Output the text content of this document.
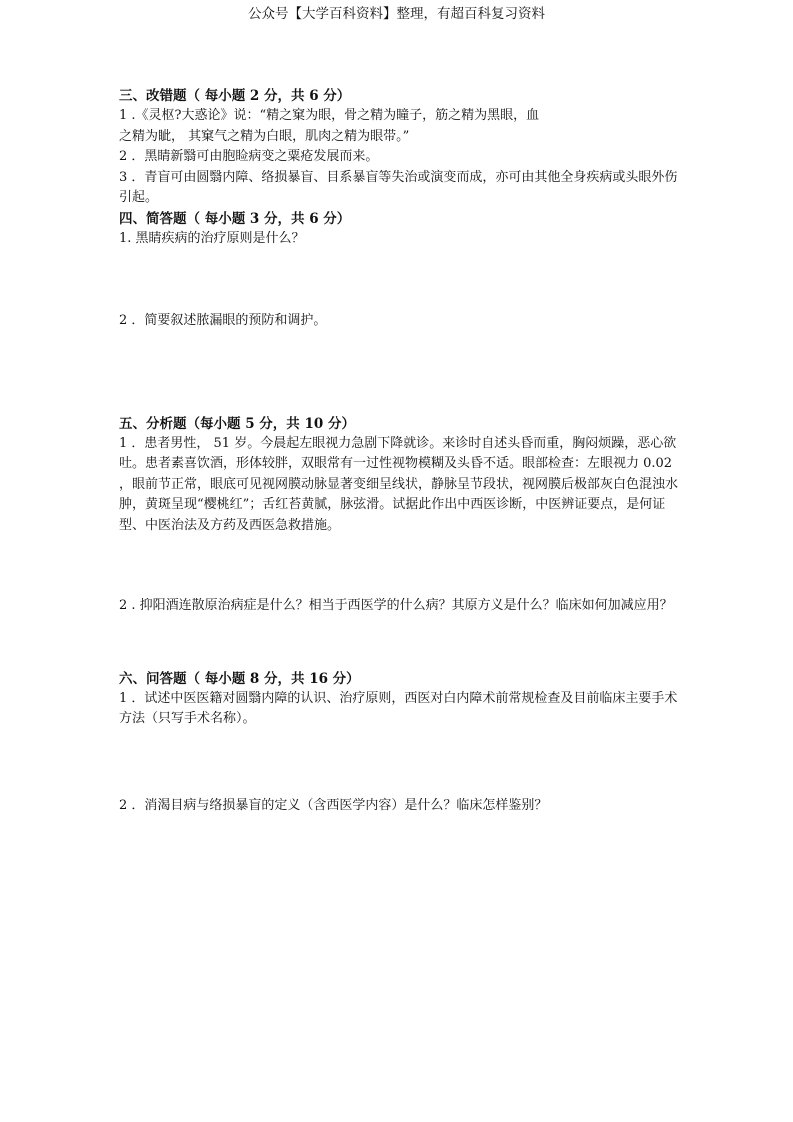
公众号【大学百科资料】整理，有超百科复习资料
三、改错题（ 每小题 2 分，共 6 分）
1 .《灵枢?大惑论》说：“精之窠为眼，骨之精为瞳子，筋之精为黑眼，血
之精为眦， 其窠气之精为白眼，肌肉之精为眼带。”
2 ．黑睛新翳可由胞睑病变之粟疮发展而来。
3 ．青盲可由圆翳内障、络损暴盲、目系暴盲等失治或演变而成，亦可由其他全身疾病或头眼外伤引起。
四、简答题（ 每小题 3 分，共 6 分）
1. 黑睛疾病的治疗原则是什么？
2 ．简要叙述脓漏眼的预防和调护。
五、分析题（每小题 5 分，共 10 分）
1 ．患者男性， 51 岁。今晨起左眼视力急剧下降就诊。来诊时自述头昏而重，胸闷烦躁，恶心欲吐。患者素喜饮酒，形体较胖，双眼常有一过性视物模糊及头昏不适。眼部检查：左眼视力 0.02 ，眼前节正常，眼底可见视网膜动脉显著变细呈线状，静脉呈节段状，视网膜后极部灰白色混浊水肿，黄斑呈现“樱桃红”；舌红苔黄腻，脉弦滑。试据此作出中西医诊断，中医辨证要点，是何证型、中医治法及方药及西医急救措施。
2 . 抑阳酒连散原治病症是什么？相当于西医学的什么病？其原方义是什么？临床如何加减应用？
六、问答题（ 每小题 8 分，共 16 分）
1 ．试述中医医籍对圆翳内障的认识、治疗原则，西医对白内障术前常规检查及目前临床主要手术方法（只写手术名称）。
2 ．消渴目病与络损暴盲的定义（含西医学内容）是什么？临床怎样鉴别？
